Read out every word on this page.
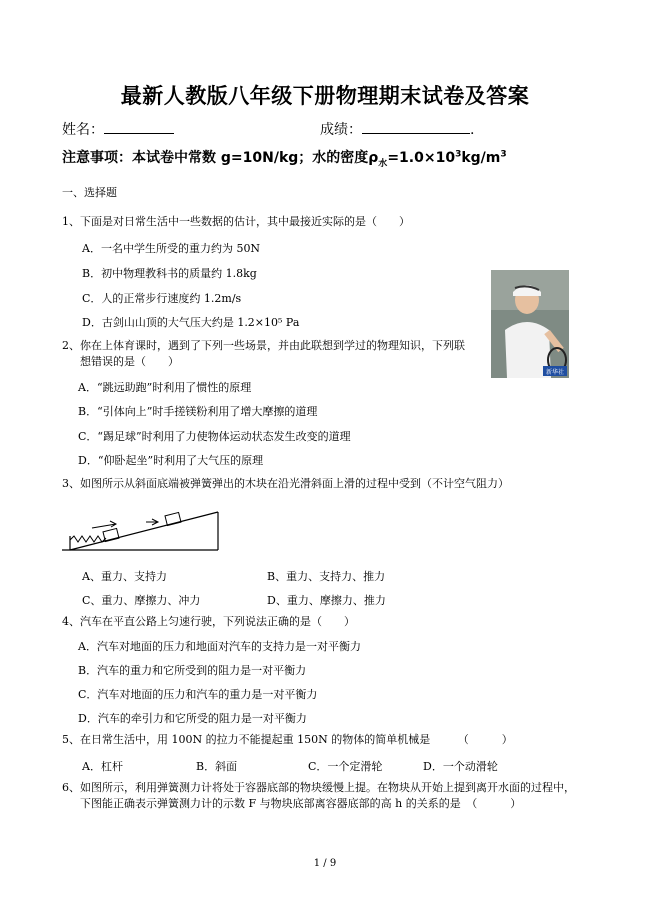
最新人教版八年级下册物理期末试卷及答案
姓名：	成绩：	.
注意事项：本试卷中常数 g=10N/kg；水的密度$\rho_水=1.0\times 10^3kg/m^3$
一、选择题
1、下面是对日常生活中一些数据的估计，其中最接近实际的是（　　）
A．一名中学生所受的重力约为 50N
B．初中物理教科书的质量约 1.8kg
C．人的正常步行速度约 1.2m/s
D．古剑山山顶的大气压大约是 1.2×10⁵ Pa
新华社
2、你在上体育课时，遇到了下列一些场景，并由此联想到学过的物理知识，下列联
想错误的是（　　）
A．“跳远助跑”时利用了惯性的原理
B．“引体向上”时手搓镁粉利用了增大摩擦的道理
C．“踢足球”时利用了力使物体运动状态发生改变的道理
D．“仰卧起坐”时利用了大气压的原理
3、如图所示从斜面底端被弹簧弹出的木块在沿光滑斜面上滑的过程中受到（不计空气阻力）
A、重力、支持力	B、重力、支持力、推力
C、重力、摩擦力、冲力	D、重力、摩擦力、推力
4、汽车在平直公路上匀速行驶，下列说法正确的是（　　）
A．汽车对地面的压力和地面对汽车的支持力是一对平衡力
B．汽车的重力和它所受到的阻力是一对平衡力
C．汽车对地面的压力和汽车的重力是一对平衡力
D．汽车的牵引力和它所受的阻力是一对平衡力
5、在日常生活中，用 100N 的拉力不能提起重 150N 的物体的简单机械是　　　（　　　）
A．杠杆	B．斜面	C．一个定滑轮	D．一个动滑轮
6、如图所示，利用弹簧测力计将处于容器底部的物块缓慢上提。在物块从开始上提到离开水面的过程中，
下图能正确表示弹簧测力计的示数 F 与物块底部离容器底部的高 h 的关系的是　（　　　）
1 / 9
